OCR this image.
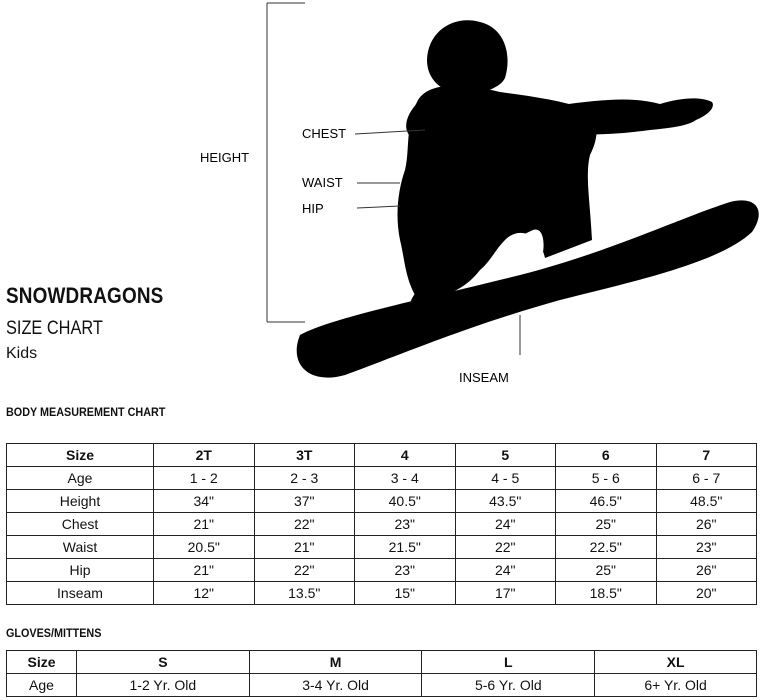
HEIGHT
CHEST
WAIST
HIP
INSEAM
SNOWDRAGONS
SIZE CHART
Kids
BODY MEASUREMENT CHART
Size	2T	3T	4	5	6	7
Age	1 - 2	2 - 3	3 - 4	4 - 5	5 - 6	6 - 7
Height	34"	37"	40.5"	43.5"	46.5"	48.5"
Chest	21"	22"	23"	24"	25"	26"
Waist	20.5"	21"	21.5"	22"	22.5"	23"
Hip	21"	22"	23"	24"	25"	26"
Inseam	12"	13.5"	15"	17"	18.5"	20"
GLOVES/MITTENS
Size	S	M	L	XL
Age	1-2 Yr. Old	3-4 Yr. Old	5-6 Yr. Old	6+ Yr. Old
